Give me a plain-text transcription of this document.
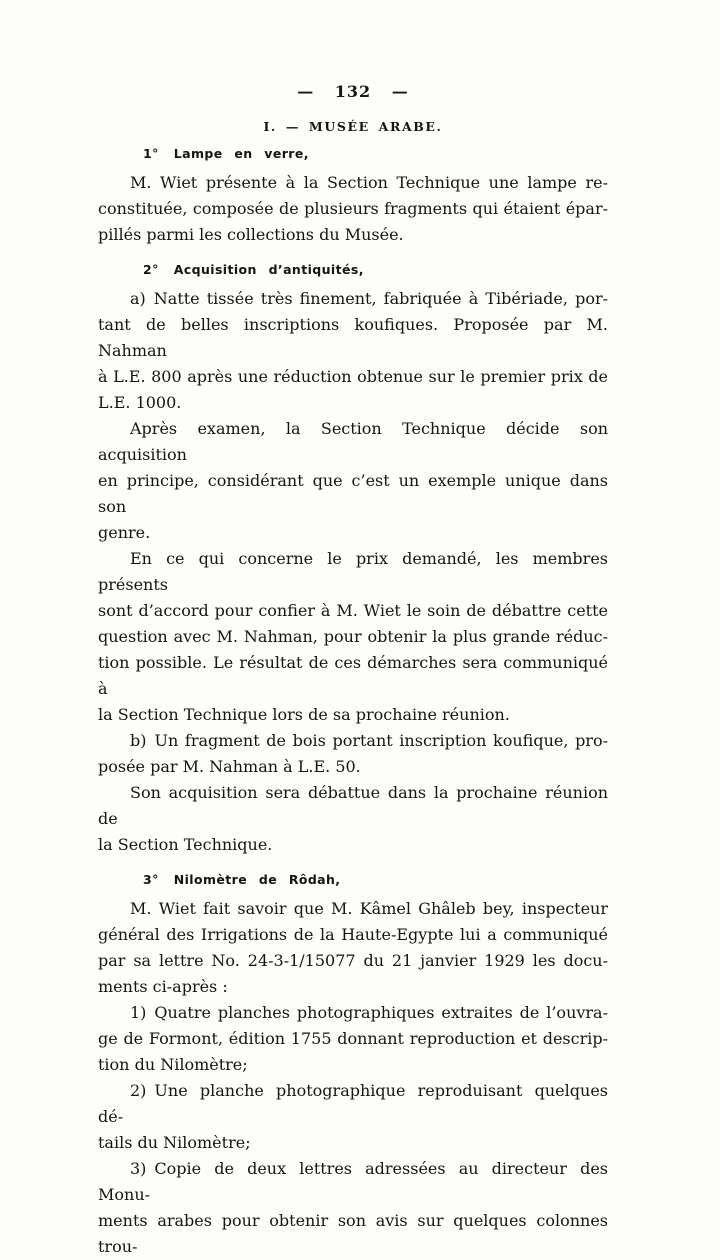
— 132 —
I. — MUSÉE ARABE.
1° Lampe en verre,
M. Wiet présente à la Section Technique une lampe re-
constituée, composée de plusieurs fragments qui étaient épar-
pillés parmi les collections du Musée.
2° Acquisition d’antiquités,
a) Natte tissée très finement, fabriquée à Tibériade, por-
tant de belles inscriptions koufiques. Proposée par M. Nahman
à L.E. 800 après une réduction obtenue sur le premier prix de
L.E. 1000.
Après examen, la Section Technique décide son acquisition
en principe, considérant que c’est un exemple unique dans son
genre.
En ce qui concerne le prix demandé, les membres présents
sont d’accord pour confier à M. Wiet le soin de débattre cette
question avec M. Nahman, pour obtenir la plus grande réduc-
tion possible. Le résultat de ces démarches sera communiqué à
la Section Technique lors de sa prochaine réunion.
b) Un fragment de bois portant inscription koufique, pro-
posée par M. Nahman à L.E. 50.
Son acquisition sera débattue dans la prochaine réunion de
la Section Technique.
3° Nilomètre de Rôdah,
M. Wiet fait savoir que M. Kâmel Ghâleb bey, inspecteur
général des Irrigations de la Haute-Egypte lui a communiqué
par sa lettre No. 24-3-1/15077 du 21 janvier 1929 les docu-
ments ci-après :
1) Quatre planches photographiques extraites de l’ouvra-
ge de Formont, édition 1755 donnant reproduction et descrip-
tion du Nilomètre;
2) Une planche photographique reproduisant quelques dé-
tails du Nilomètre;
3) Copie de deux lettres adressées au directeur des Monu-
ments arabes pour obtenir son avis sur quelques colonnes trou-
